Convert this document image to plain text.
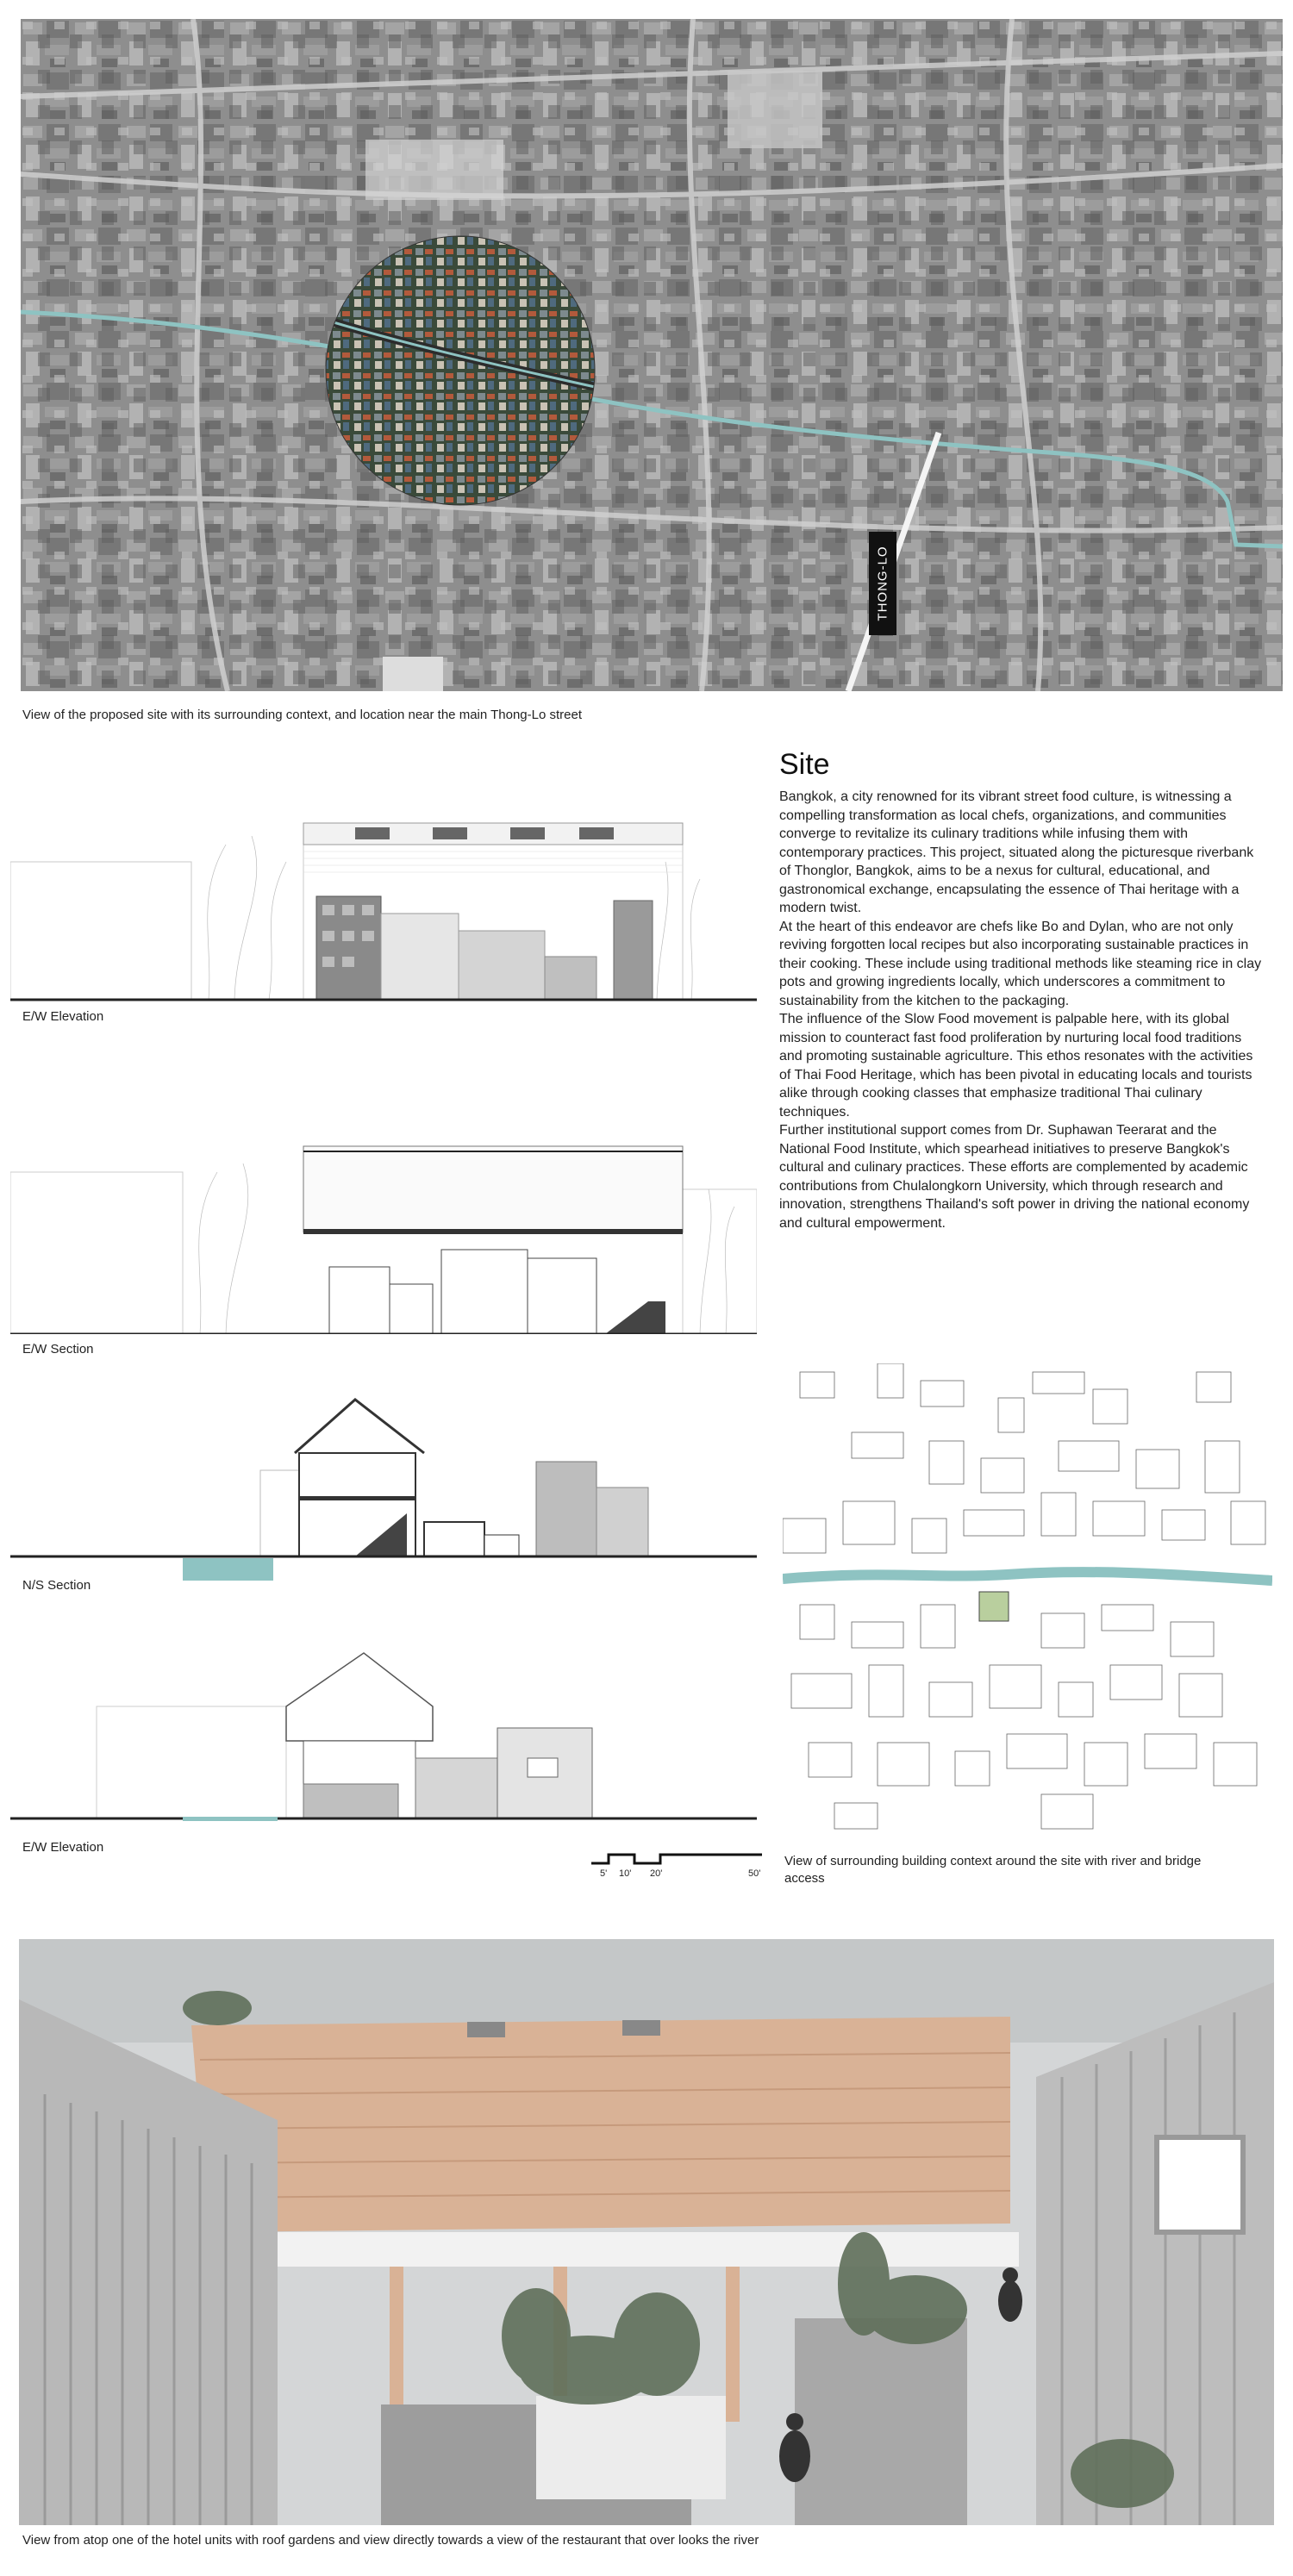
THONG-LO
View of the proposed site with its surrounding context, and location near the main Thong-Lo street
E/W Elevation
E/W Section
N/S Section
E/W Elevation
5' 10' 20'	50'
Site

Bangkok, a city renowned for its vibrant street food culture, is witnessing a compelling transformation as local chefs, organizations, and communities converge to revitalize its culinary traditions while infusing them with contemporary practices. This project, situated along the picturesque riverbank of Thonglor, Bangkok, aims to be a nexus for cultural, educational, and gastronomical exchange, encapsulating the essence of Thai heritage with a modern twist.

At the heart of this endeavor are chefs like Bo and Dylan, who are not only reviving forgotten local recipes but also incorporating sustainable practices in their cooking. These include using traditional methods like steaming rice in clay pots and growing ingredients locally, which underscores a commitment to sustainability from the kitchen to the packaging.

The influence of the Slow Food movement is palpable here, with its global mission to counteract fast food proliferation by nurturing local food traditions and promoting sustainable agriculture. This ethos resonates with the activities of Thai Food Heritage, which has been pivotal in educating locals and tourists alike through cooking classes that emphasize traditional Thai culinary techniques.

Further institutional support comes from Dr. Suphawan Teerarat and the National Food Institute, which spearhead initiatives to preserve Bangkok's cultural and culinary practices. These efforts are complemented by academic contributions from Chulalongkorn University, which through research and innovation, strengthens Thailand's soft power in driving the national economy and cultural empowerment.

View of surrounding building context around the site with river and bridge access
View from atop one of the hotel units with roof gardens and view directly towards a view of the restaurant that over looks the river
